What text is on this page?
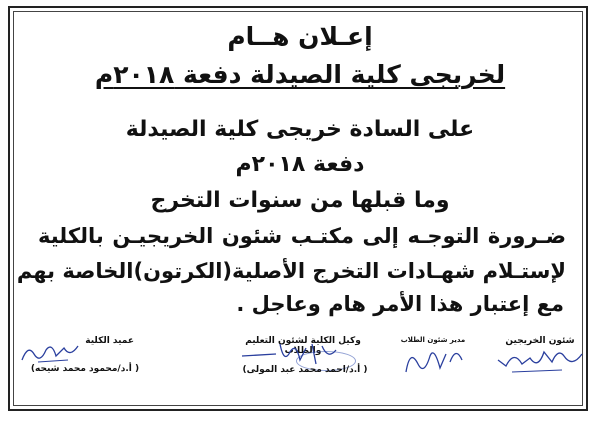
إعـلان هــام
لخريجى كلية الصيدلة دفعة ٢٠١٨م
على السادة خريجى كلية الصيدلة
دفعة ٢٠١٨م
وما قبلها من سنوات التخرج
ضـرورة التوجـه إلى مكتـب شئون الخريجيـن بالكلية
لإستـلام شهـادات التخرج الأصلية(الكرتون)الخاصة بهم
مع إعتبار هذا الأمر هام وعاجل .
عميد الكلية
( أ.د/محمود محمد شيحه)
وكيل الكلية لشئون التعليم والطلاب
( أ.د/احمد محمد عبد المولى)
مدير شئون الطلاب	شئون الخريجين
